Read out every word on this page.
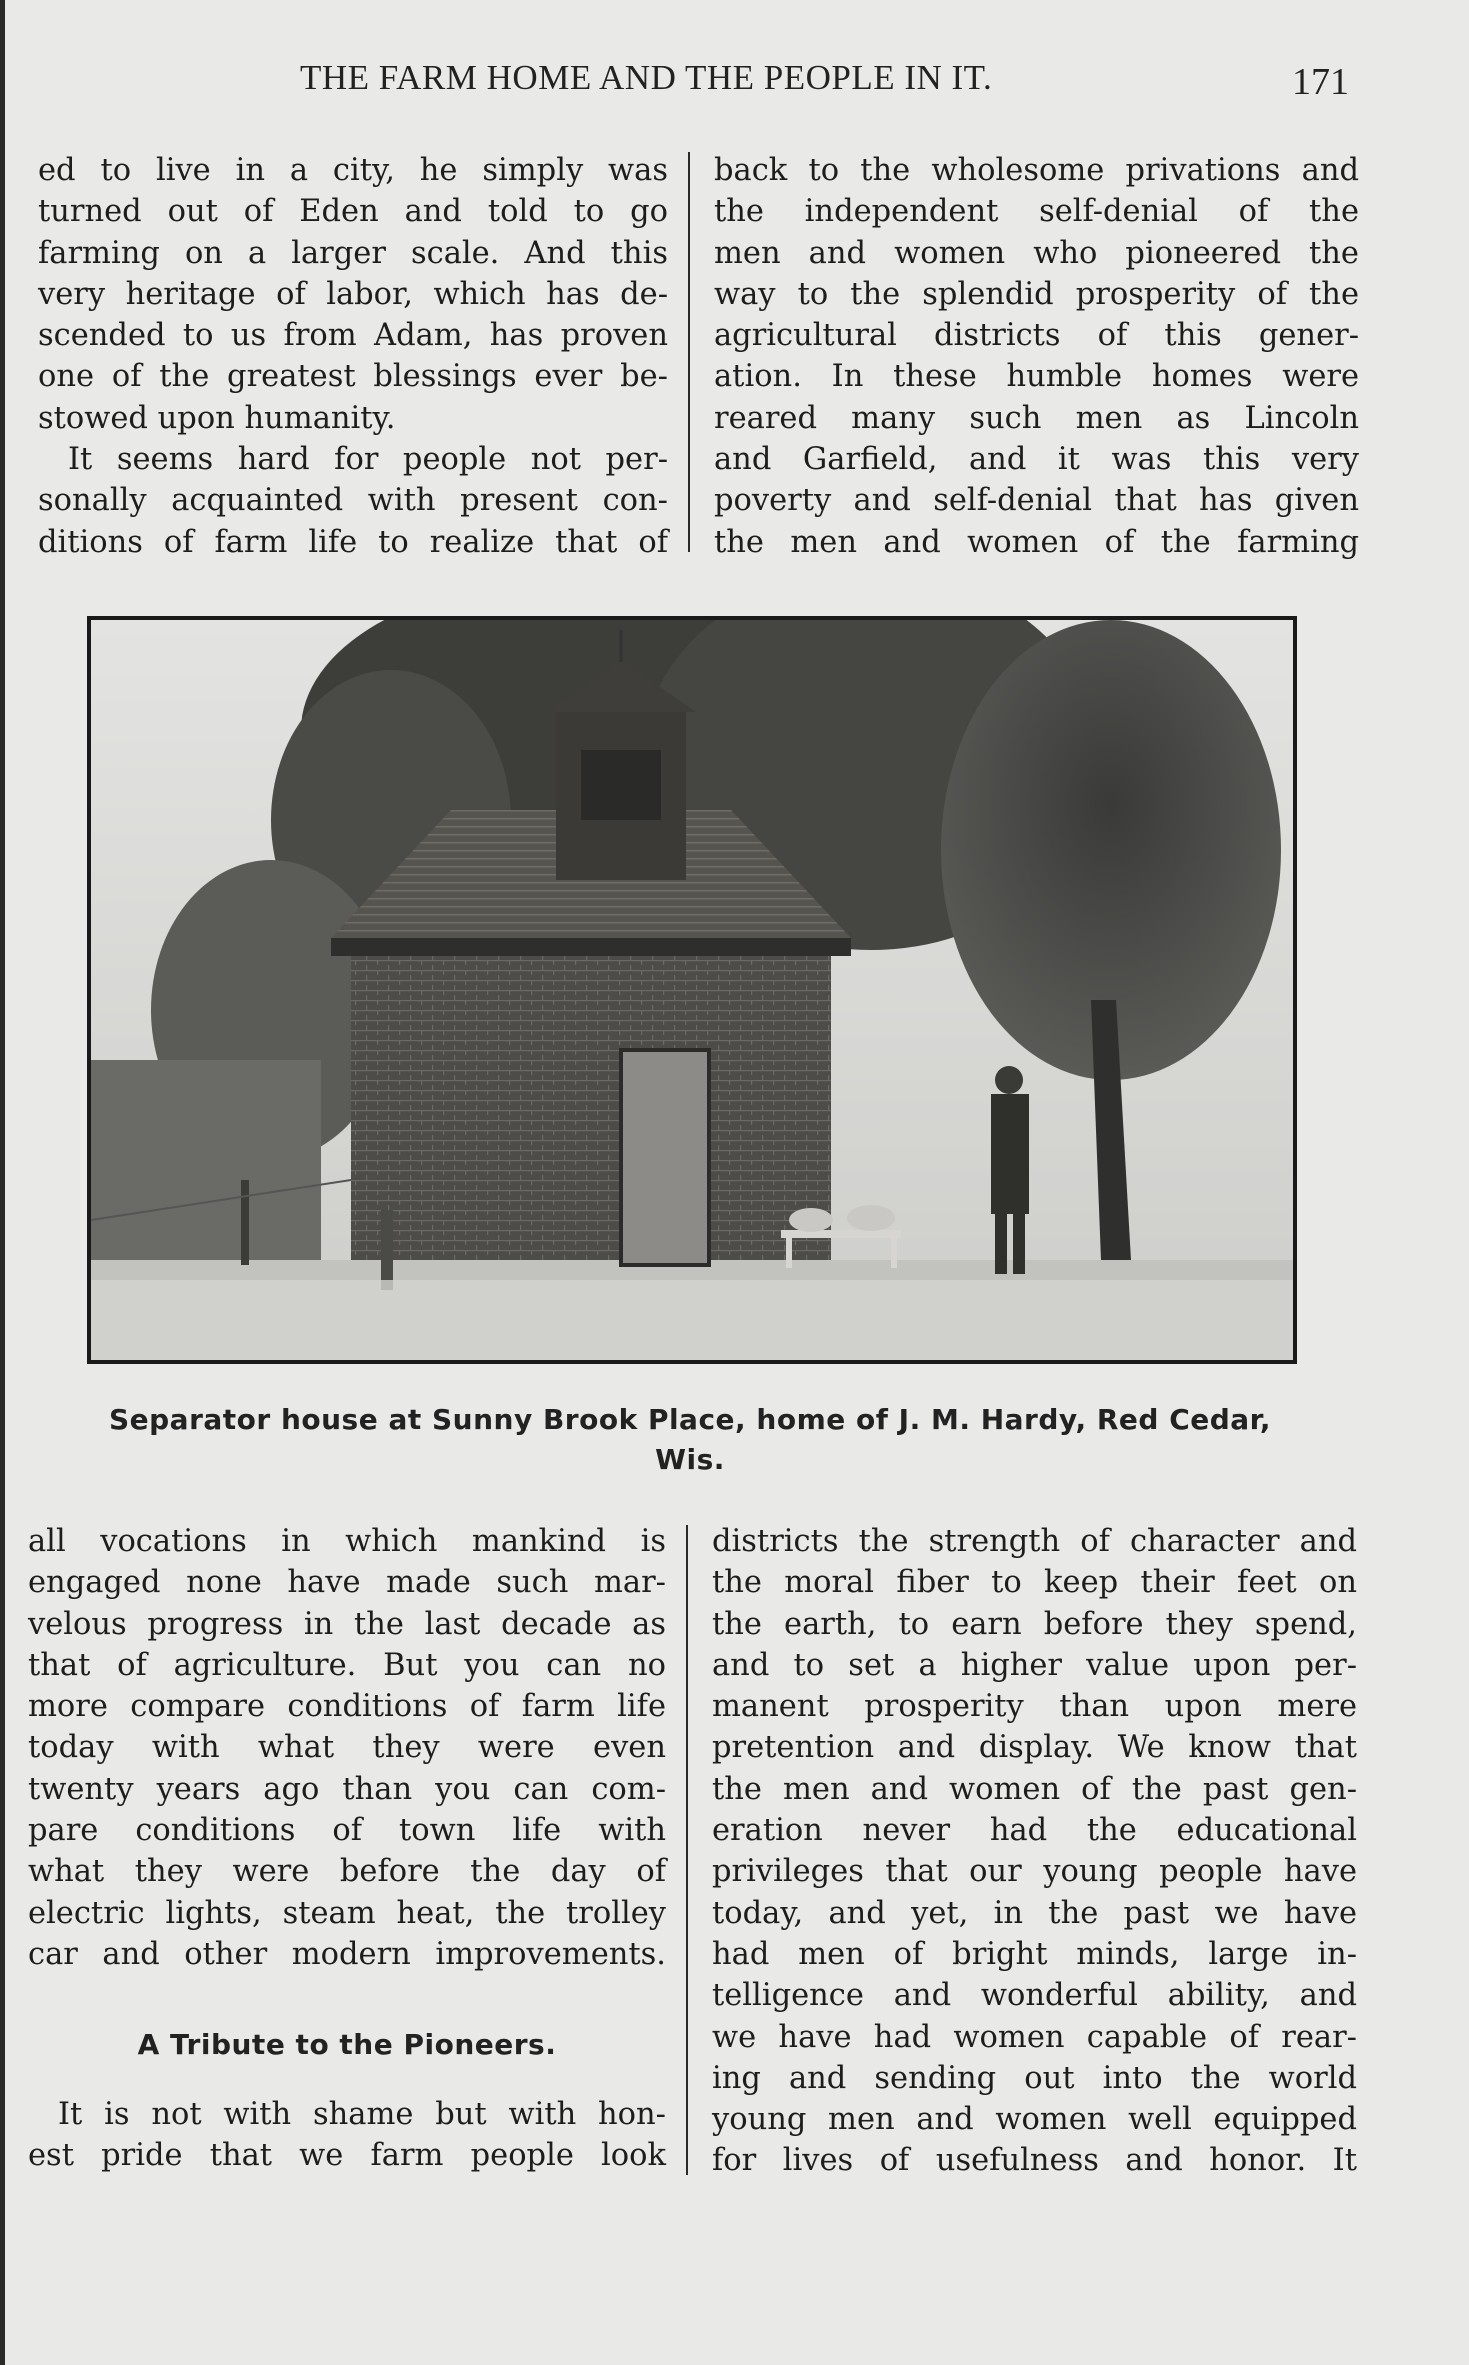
THE FARM HOME AND THE PEOPLE IN IT.	171
ed to live in a city, he simply was
turned out of Eden and told to go
farming on a larger scale. And this
very heritage of labor, which has de-
scended to us from Adam, has proven
one of the greatest blessings ever be-
stowed upon humanity.
It seems hard for people not per-
sonally acquainted with present con-
ditions of farm life to realize that of
back to the wholesome privations and
the independent self-denial of the
men and women who pioneered the
way to the splendid prosperity of the
agricultural districts of this gener-
ation. In these humble homes were
reared many such men as Lincoln
and Garfield, and it was this very
poverty and self-denial that has given
the men and women of the farming
Separator house at Sunny Brook Place, home of J. M. Hardy, Red Cedar, Wis.
all vocations in which mankind is
engaged none have made such mar-
velous progress in the last decade as
that of agriculture. But you can no
more compare conditions of farm life
today with what they were even
twenty years ago than you can com-
pare conditions of town life with
what they were before the day of
electric lights, steam heat, the trolley
car and other modern improvements.
A Tribute to the Pioneers.
It is not with shame but with hon-
est pride that we farm people look
districts the strength of character and
the moral fiber to keep their feet on
the earth, to earn before they spend,
and to set a higher value upon per-
manent prosperity than upon mere
pretention and display. We know that
the men and women of the past gen-
eration never had the educational
privileges that our young people have
today, and yet, in the past we have
had men of bright minds, large in-
telligence and wonderful ability, and
we have had women capable of rear-
ing and sending out into the world
young men and women well equipped
for lives of usefulness and honor. It
